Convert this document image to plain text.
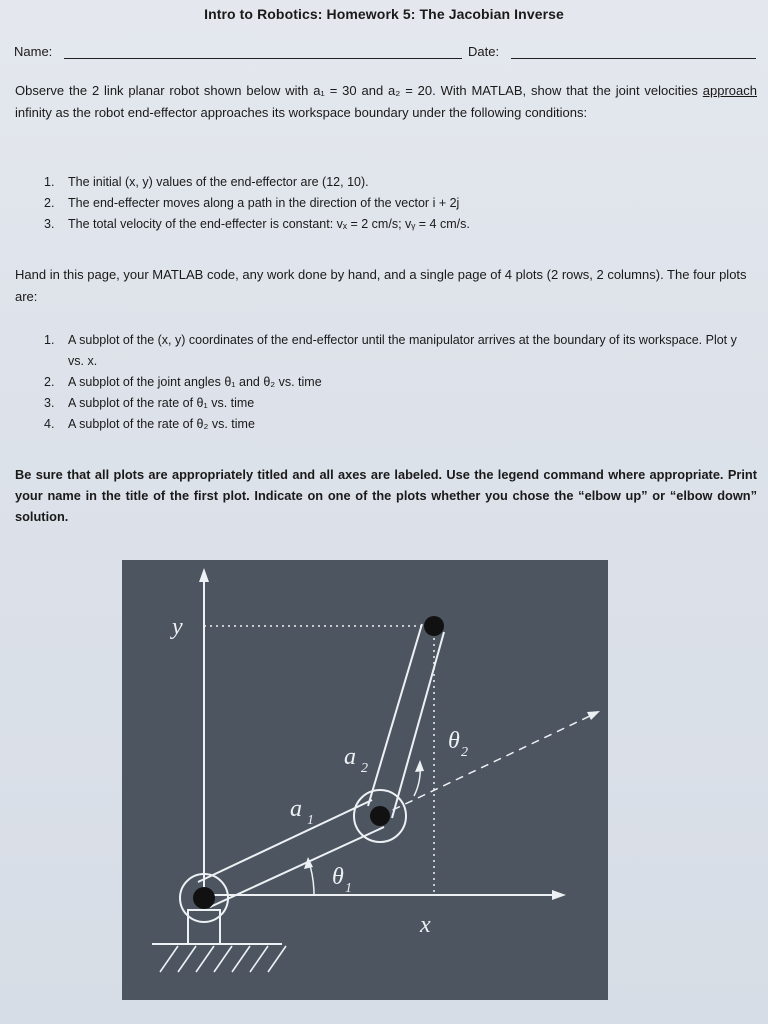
Intro to Robotics: Homework 5: The Jacobian Inverse
Name:	Date:
Observe the 2 link planar robot shown below with a₁ = 30 and a₂ = 20. With MATLAB, show that the joint velocities approach infinity as the robot end-effector approaches its workspace boundary under the following conditions:
1. The initial (x, y) values of the end-effector are (12, 10).
2. The end-effecter moves along a path in the direction of the vector i + 2j
3. The total velocity of the end-effecter is constant: vₓ = 2 cm/s; vᵧ = 4 cm/s.
Hand in this page, your MATLAB code, any work done by hand, and a single page of 4 plots (2 rows, 2 columns). The four plots are:
1. A subplot of the (x, y) coordinates of the end-effector until the manipulator arrives at the boundary of its workspace. Plot y vs. x.
2. A subplot of the joint angles θ₁ and θ₂ vs. time
3. A subplot of the rate of θ₁ vs. time
4. A subplot of the rate of θ₂ vs. time
Be sure that all plots are appropriately titled and all axes are labeled. Use the legend command where appropriate. Print your name in the title of the first plot. Indicate on one of the plots whether you chose the “elbow up” or “elbow down” solution.
y
x
a 2
a 1
θ 1
θ 2
